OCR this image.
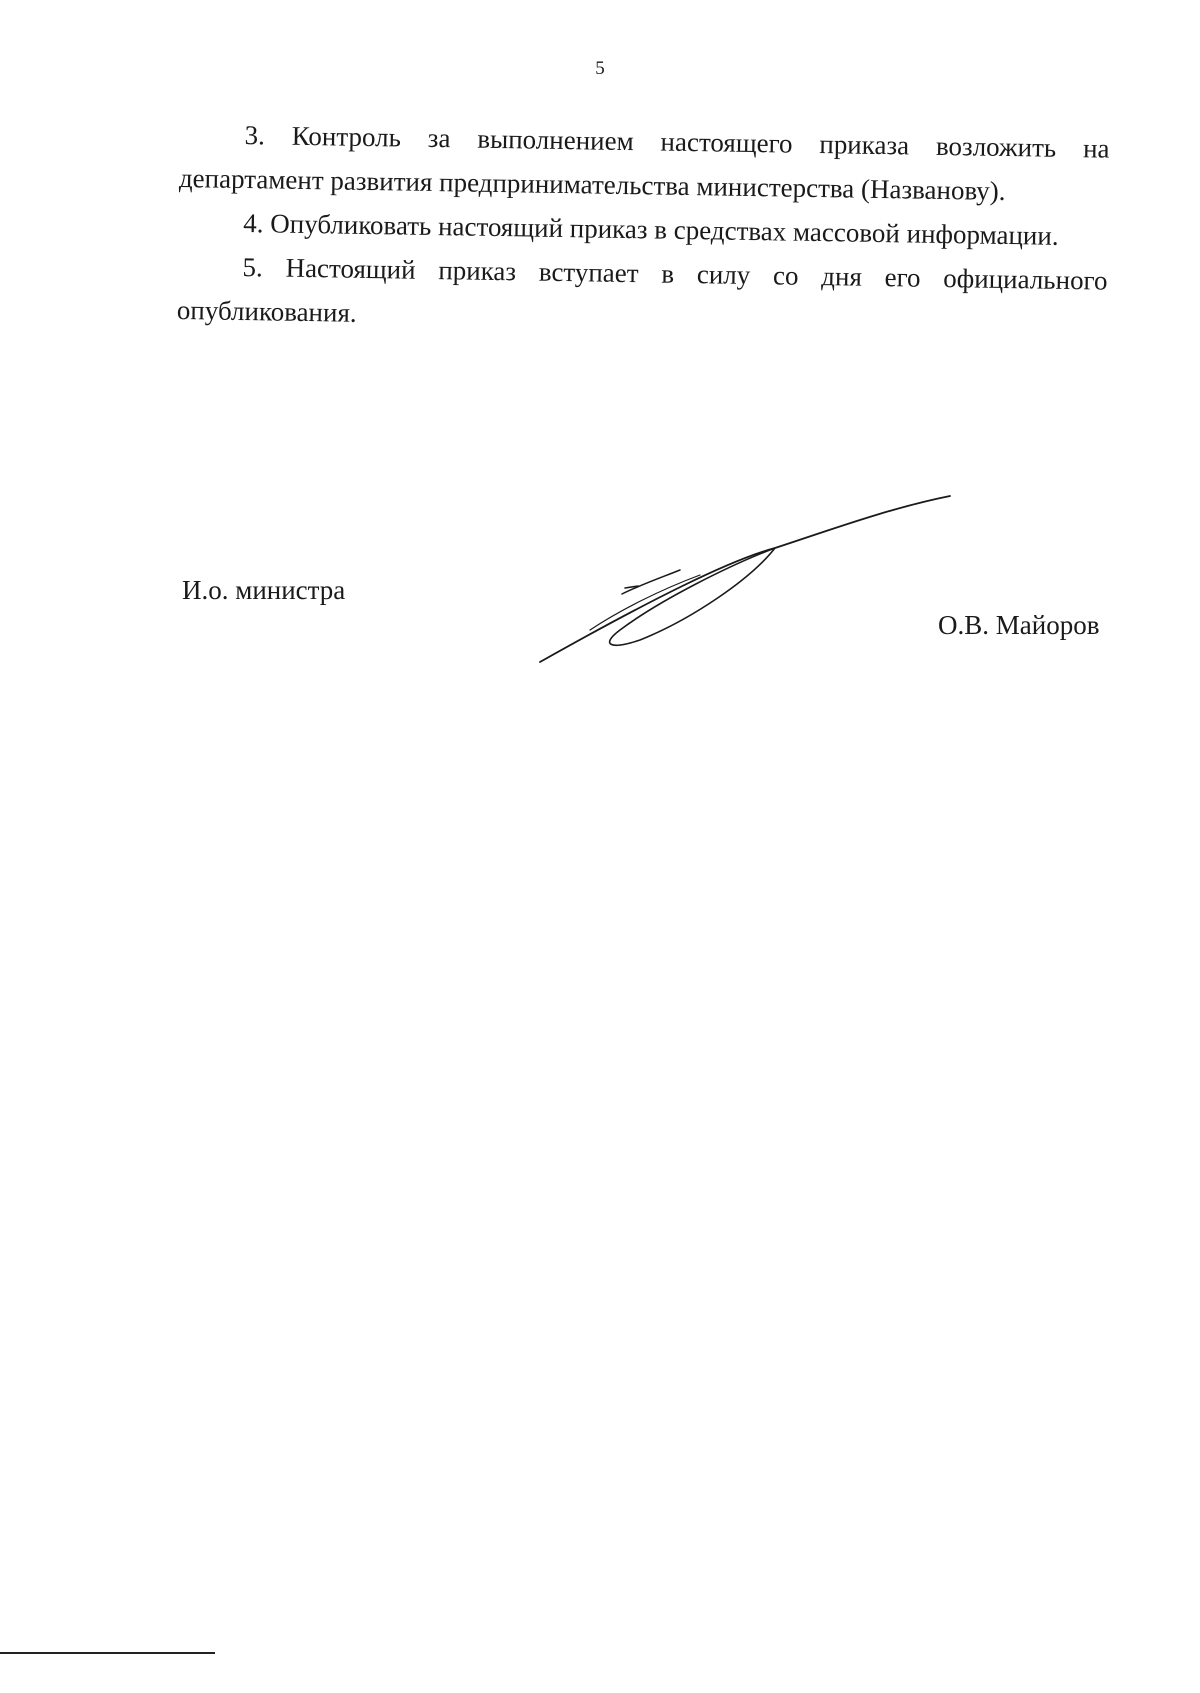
5

3. Контроль за выполнением настоящего приказа возложить на департамент развития предпринимательства министерства (Названову).

4. Опубликовать настоящий приказ в средствах массовой информации.

5. Настоящий приказ вступает в силу со дня его официального опубликования.

И.о. министра
О.В. Майоров
